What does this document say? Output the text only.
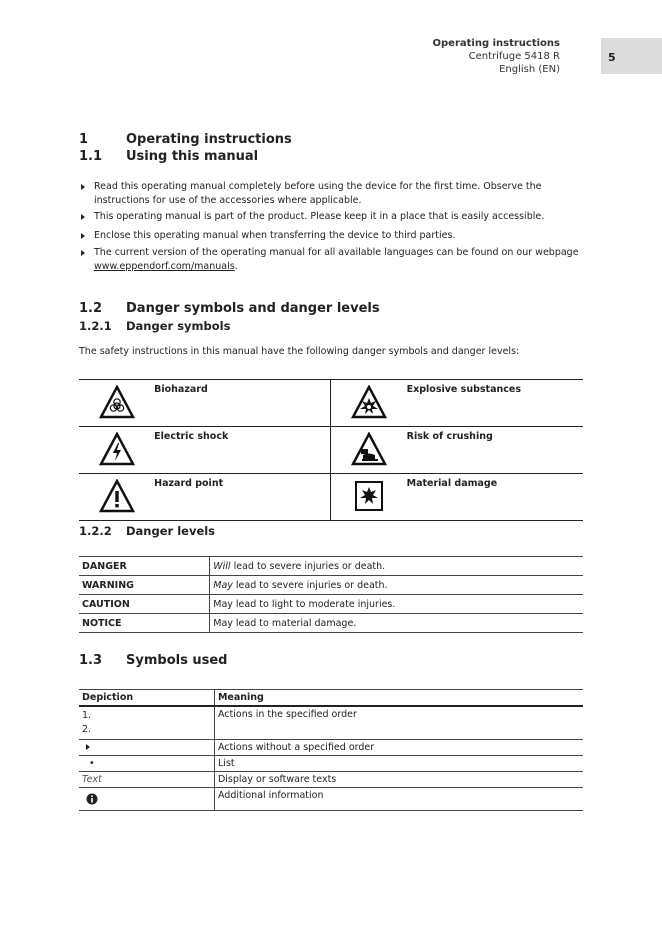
Operating instructions
Centrifuge 5418 R
English (EN)
5
1	Operating instructions
1.1 Using this manual
Read this operating manual completely before using the device for the first time. Observe the instructions for use of the accessories where applicable.
This operating manual is part of the product. Please keep it in a place that is easily accessible.
Enclose this operating manual when transferring the device to third parties.
The current version of the operating manual for all available languages can be found on our webpage
www.eppendorf.com/manuals.
1.2 Danger symbols and danger levels
1.2.1 Danger symbols
The safety instructions in this manual have the following danger symbols and danger levels:
	Biohazard		Explosive substances
	Electric shock		Risk of crushing
	Hazard point		Material damage
1.2.2 Danger levels
DANGER	Will lead to severe injuries or death.
WARNING	May lead to severe injuries or death.
CAUTION	May lead to light to moderate injuries.
NOTICE	May lead to material damage.
1.3 Symbols used
Depiction	Meaning
1.
2.	Actions in the specified order
	Actions without a specified order
•	List
Text	Display or software texts
	Additional information
